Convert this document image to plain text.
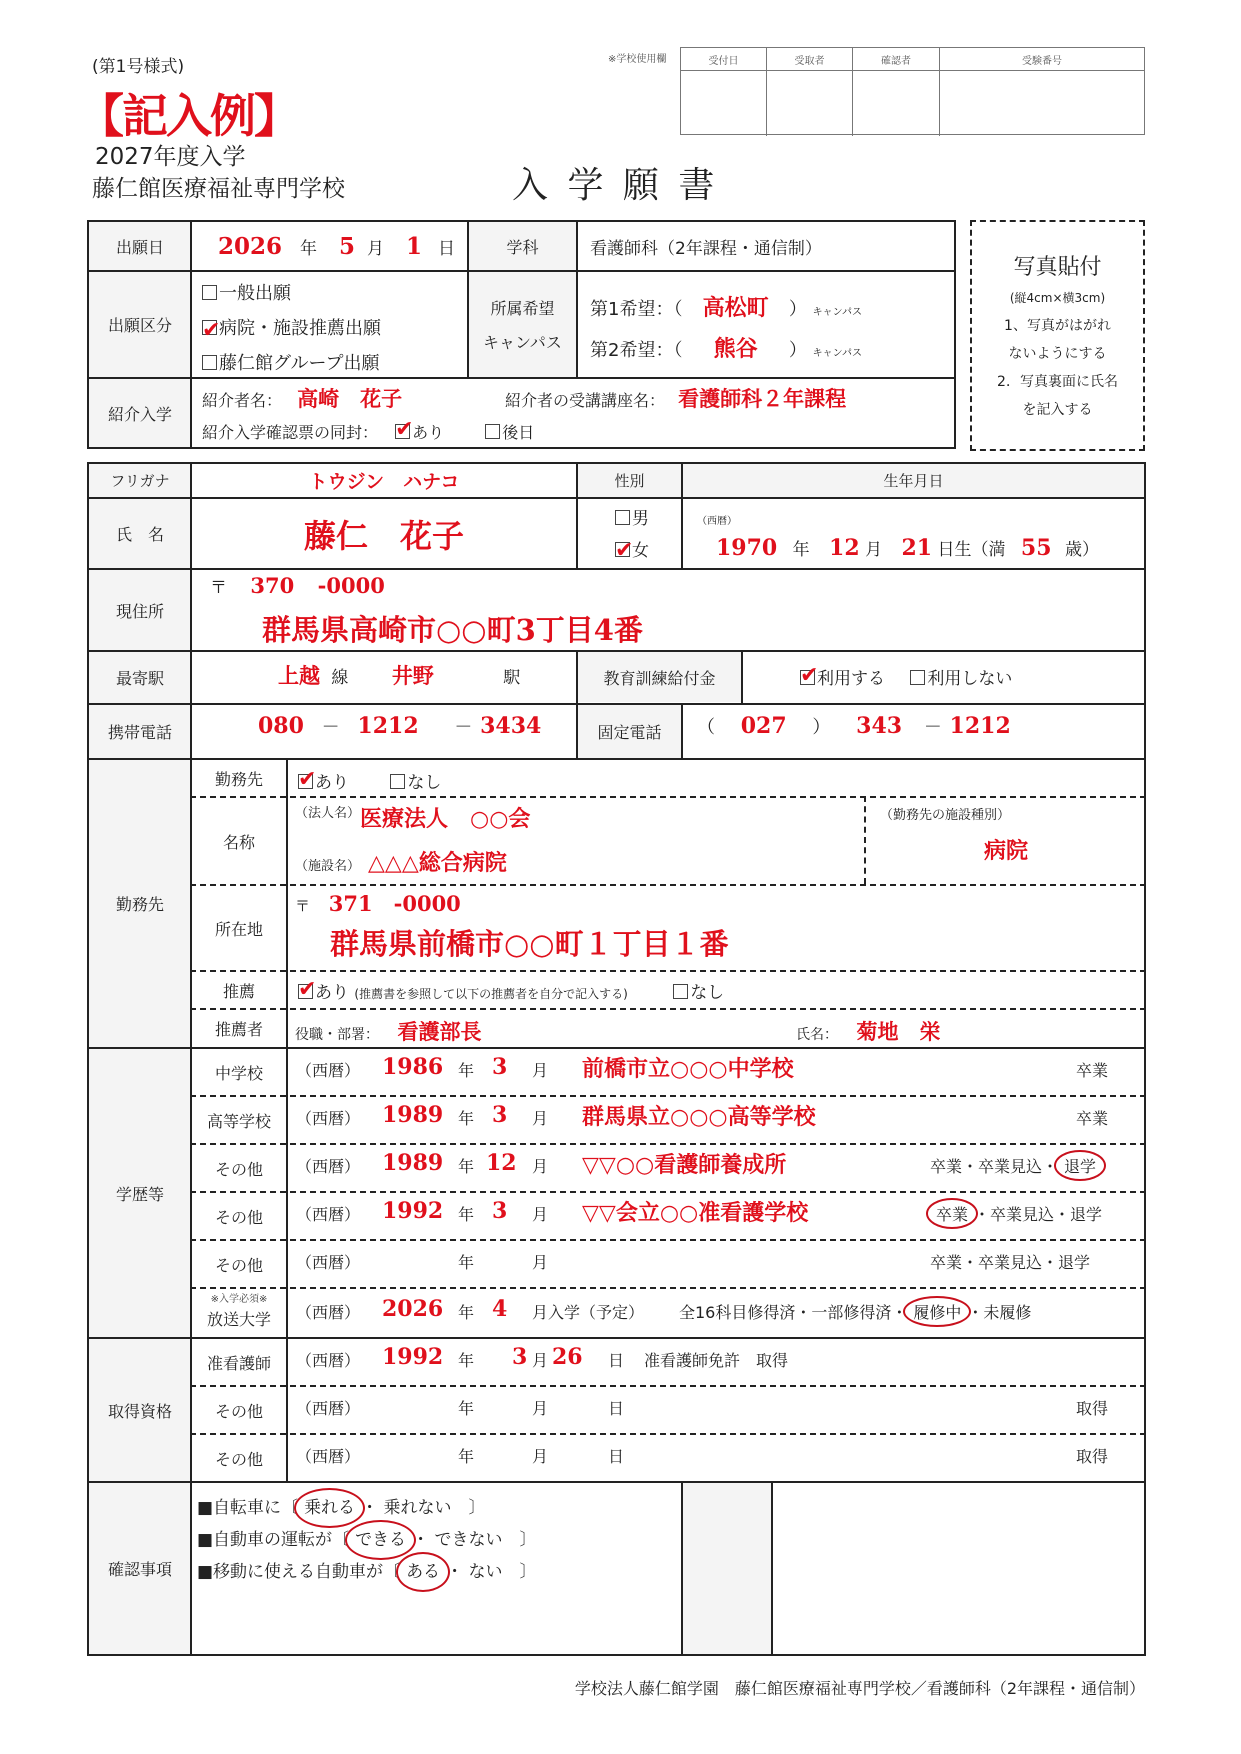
(第1号様式)
【記入例】
2027年度入学
藤仁館医療福祉専門学校	入 学 願 書
※学校使用欄	受付日	受取者	確認者	受験番号
出願日	2026 年 5 月 1 日	学科	看護師科（2年課程・通信制）
出願区分
一般出願
✔病院・施設推薦出願
藤仁館グループ出願
所属希望
キャンパス
第1希望：（ 高松町 ） キャンパス
第2希望：（ 熊谷 ） キャンパス
紹介入学
紹介者名： 高崎　花子	紹介者の受講講座名： 看護師科２年課程
紹介入学確認票の同封： ✔ あり	後日
写真貼付
(縦4cm×横3cm)
1、写真がはがれ
ないようにする
2．写真裏面に氏名
を記入する
フリガナ	トウジン　ハナコ	性別	生年月日
氏　名	藤仁　花子	男
✔女
（西暦）
1970 年 12 月 21 日生（満 55 歳）
現住所
〒 370 -0000
群馬県高崎市○○町3丁目4番
最寄駅	上越 線 井野	駅	教育訓練給付金 ✔	利用する 利用しない
携帯電話	080 － 1212 － 3434	固定電話	（ 027 ） 343 － 1212
勤務先
勤務先 ✔	あり	なし
名称
$^{(法人名)}$医療法人　○○会
（施設名） △△△総合病院
（勤務先の施設種別）
病院
所在地
〒 371　-0000
群馬県前橋市○○町１丁目１番
推薦 ✔	あり (推薦書を参照して以下の推薦者を自分で記入する)	なし
推薦者	役職・部署： 看護部長	氏名： 菊地　栄
学歴等
中学校	（西暦） 1986 年 3 月 前橋市立○○○中学校	卒業
高等学校	（西暦） 1989 年 3 月 群馬県立○○○高等学校	卒業
その他	（西暦） 1989 年 12 月 ▽▽○○看護師養成所	卒業・卒業見込・ 退学
その他	（西暦） 1992 年 3 月 ▽▽会立○○准看護学校	卒業 ・卒業見込・退学
その他	（西暦）	年	月	卒業・卒業見込・退学
※入学必須※
放送大学	（西暦） 2026 年 4 月入学（予定） 全16科目修得済・一部修得済・ 履修中 ・未履修
取得資格
准看護師	（西暦） 1992 年 3 月 26 日 准看護師免許　取得
その他	（西暦）	年	月	日	取得
その他	（西暦）	年	月	日	取得
確認事項
■自転車に〔 乗れる ・ 乗れない　〕
■自動車の運転が〔 できる ・ できない　〕
■移動に使える自動車が〔 ある ・ ない　〕
学校法人藤仁館学園　藤仁館医療福祉専門学校／看護師科（2年課程・通信制）
